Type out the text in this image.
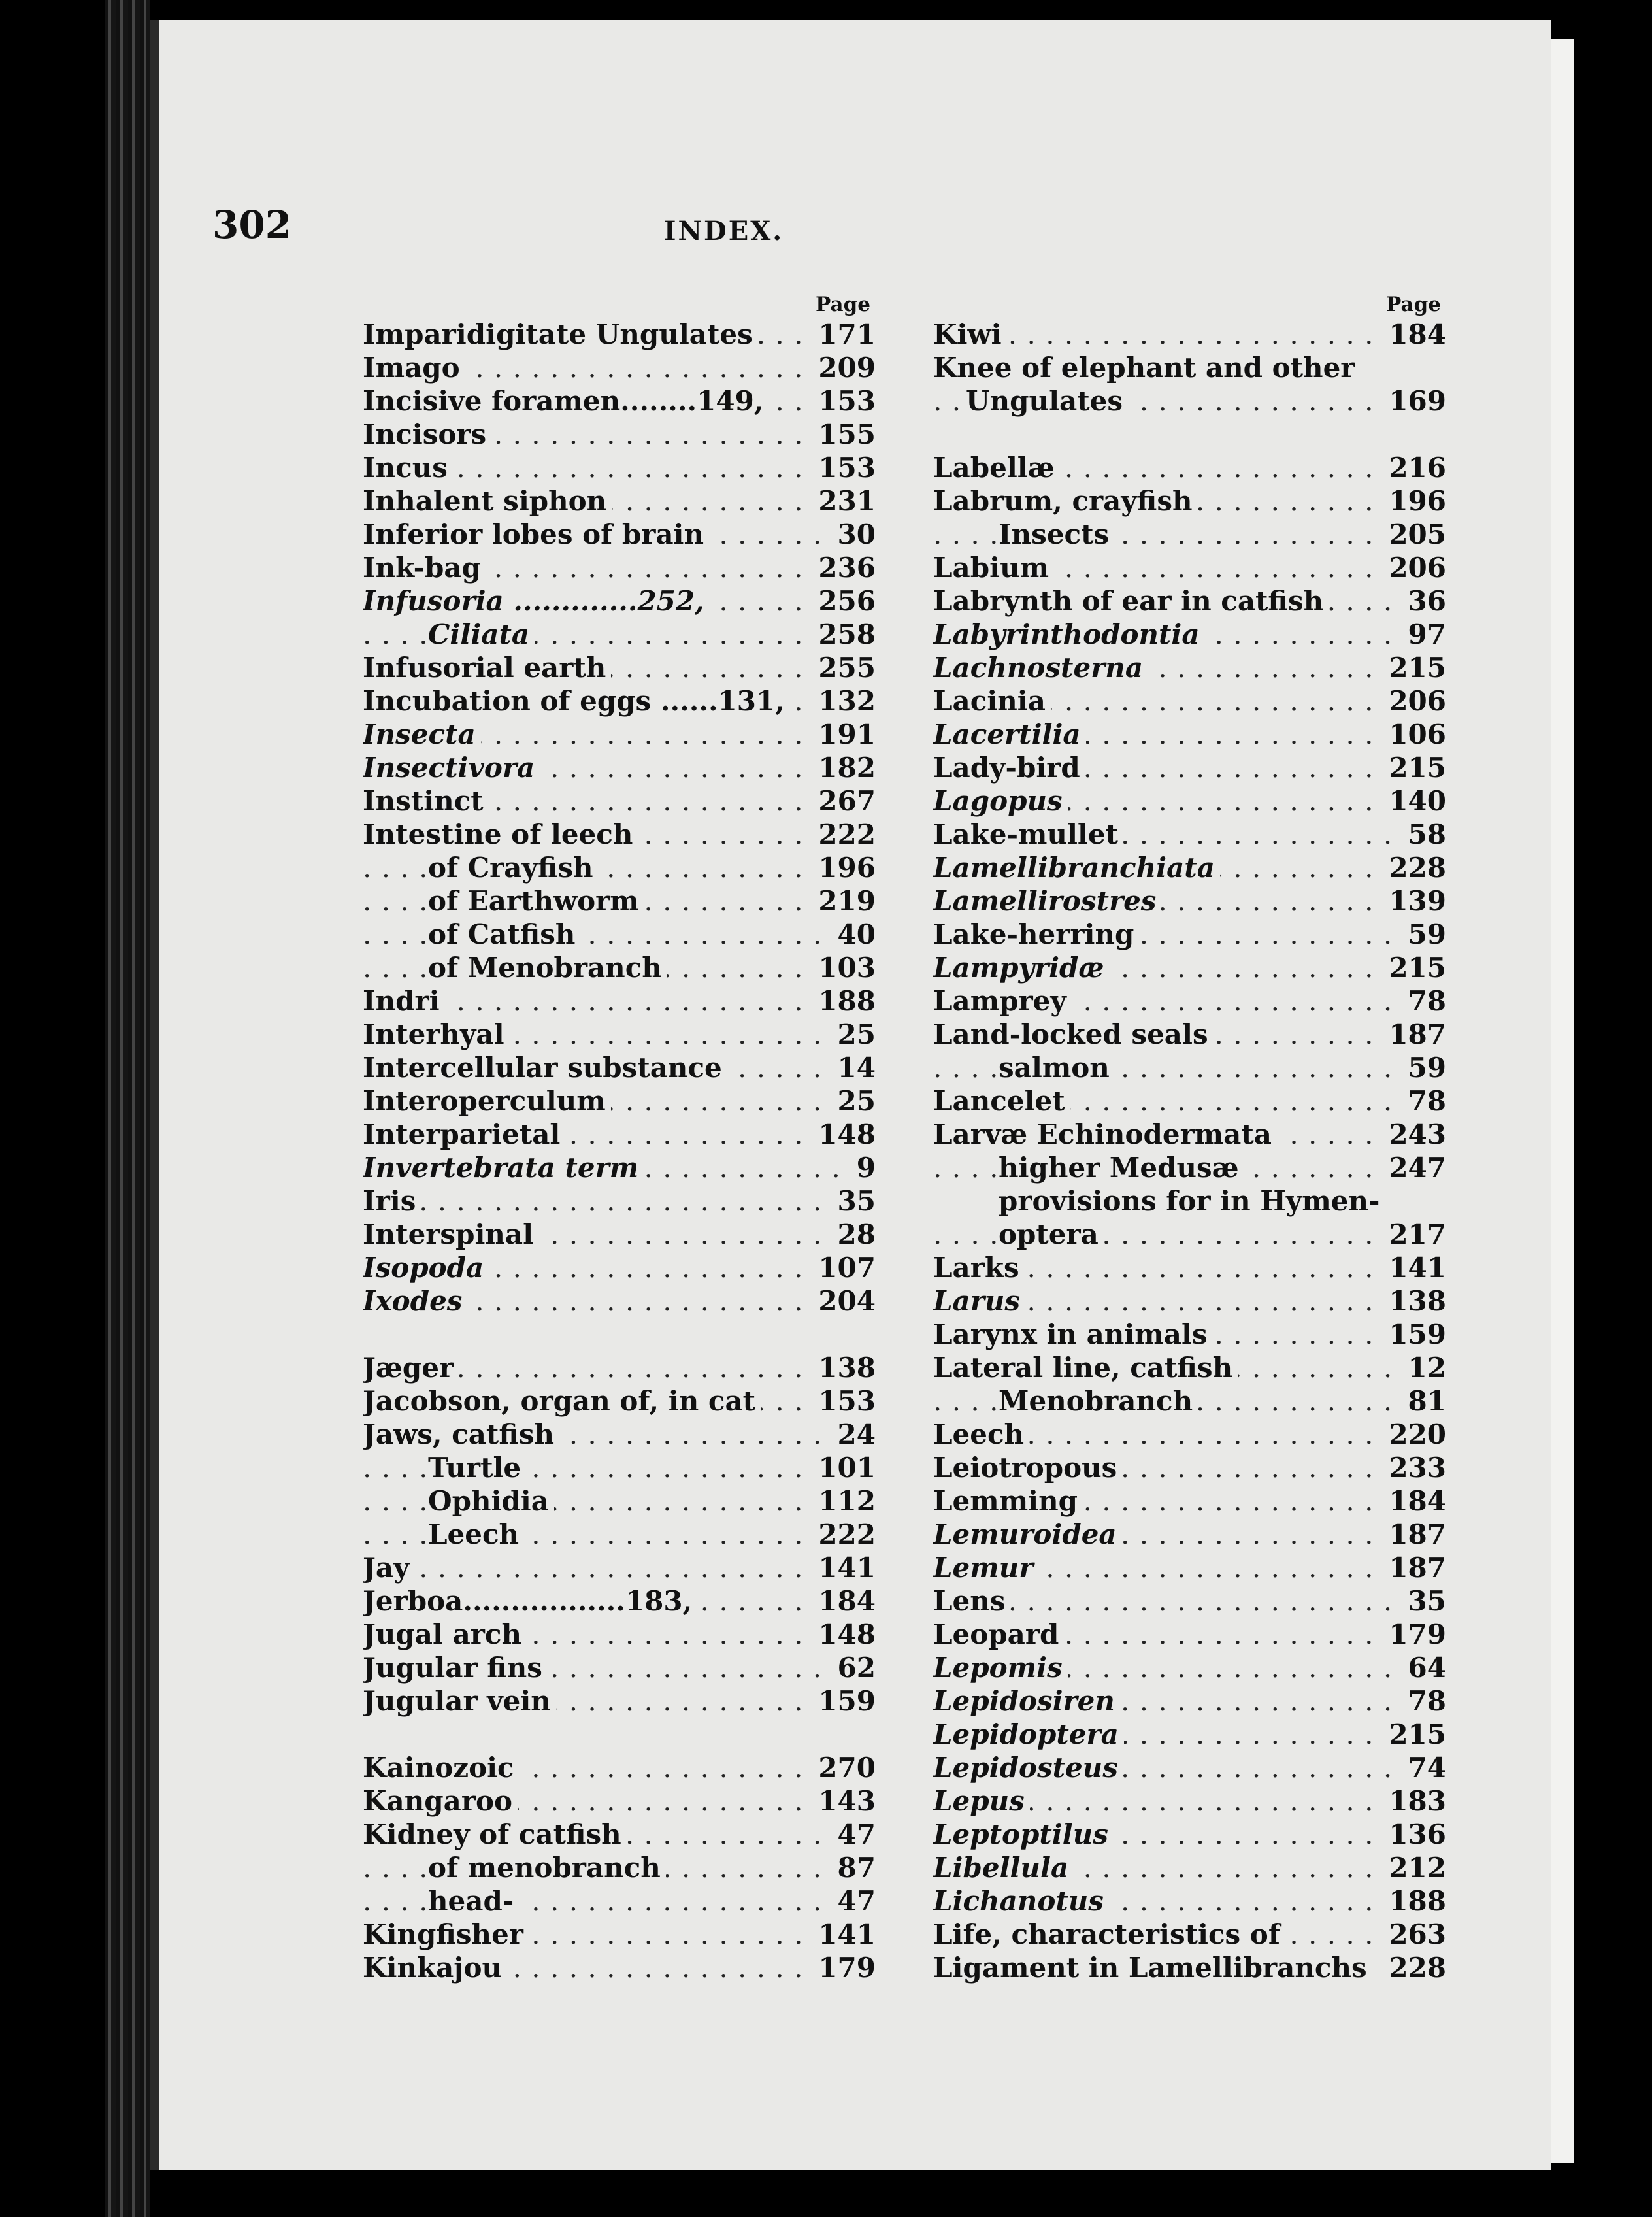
302	INDEX.
Page
. . . Imparidigitate Ungulates 171
. . . Imago	209
. . . Incisive foramen........149, 153
. . . Incisors	155
. . . Incus	153
. . . Inhalent siphon	231
. . . Inferior lobes of brain	30
. . . Ink-bag	236
. . . Infusoria .............252,	256
. . . Ciliata	258
. . . Infusorial earth	255
. . . Incubation of eggs ......131, 132
. . . Insecta	191
. . . Insectivora	182
. . . Instinct	267
. . . Intestine of leech	222
. . . of Crayfish	196
. . . of Earthworm	219
. . . of Catfish	40
. . . of Menobranch	103
. . . Indri	188
. . . Interhyal	25
. . . Intercellular substance	14
. . . Interoperculum	25
. . . Interparietal	148
. . . Invertebrata term	9
. . . Iris	35
. . . Interspinal	28
. . . Isopoda	107
. . . Ixodes	204
. . . Jæger	138
. . . Jacobson, organ of, in cat 153
. . . Jaws, catfish	24
. . . Turtle	101
. . . Ophidia	112
. . . Leech	222
. . . Jay	141
. . . Jerboa.................183,	184
. . . Jugal arch	148
. . . Jugular fins	62
. . . Jugular vein	159
. . . Kainozoic	270
. . . Kangaroo	143
. . . Kidney of catfish	47
. . . of menobranch	87
. . . head-	47
. . . Kingfisher	141
. . . Kinkajou	179
Page
. . . Kiwi	184
Knee of elephant and other
. . . Ungulates	169
. . . Labellæ	216
. . . Labrum, crayfish	196
. . . Insects	205
. . . Labium	206
. . . Labrynth of ear in catfish	36
. . . Labyrinthodontia	97
. . . Lachnosterna	215
. . . Lacinia	206
. . . Lacertilia	106
. . . Lady-bird	215
. . . Lagopus	140
. . . Lake-mullet	58
. . . Lamellibranchiata	228
. . . Lamellirostres	139
. . . Lake-herring	59
. . . Lampyridæ	215
. . . Lamprey	78
. . . Land-locked seals	187
. . . salmon	59
. . . Lancelet	78
. . . Larvæ Echinodermata	243
. . . higher Medusæ	247
provisions for in Hymen-
. . . optera	217
. . . Larks	141
. . . Larus	138
. . . Larynx in animals	159
. . . Lateral line, catfish	12
. . . Menobranch	81
. . . Leech	220
. . . Leiotropous	233
. . . Lemming	184
. . . Lemuroidea	187
. . . Lemur	187
. . . Lens	35
. . . Leopard	179
. . . Lepomis	64
. . . Lepidosiren	78
. . . Lepidoptera	215
. . . Lepidosteus	74
. . . Lepus	183
. . . Leptoptilus	136
. . . Libellula	212
. . . Lichanotus	188
. . . Life, characteristics of	263
. . . Ligament in Lamellibranchs 228
